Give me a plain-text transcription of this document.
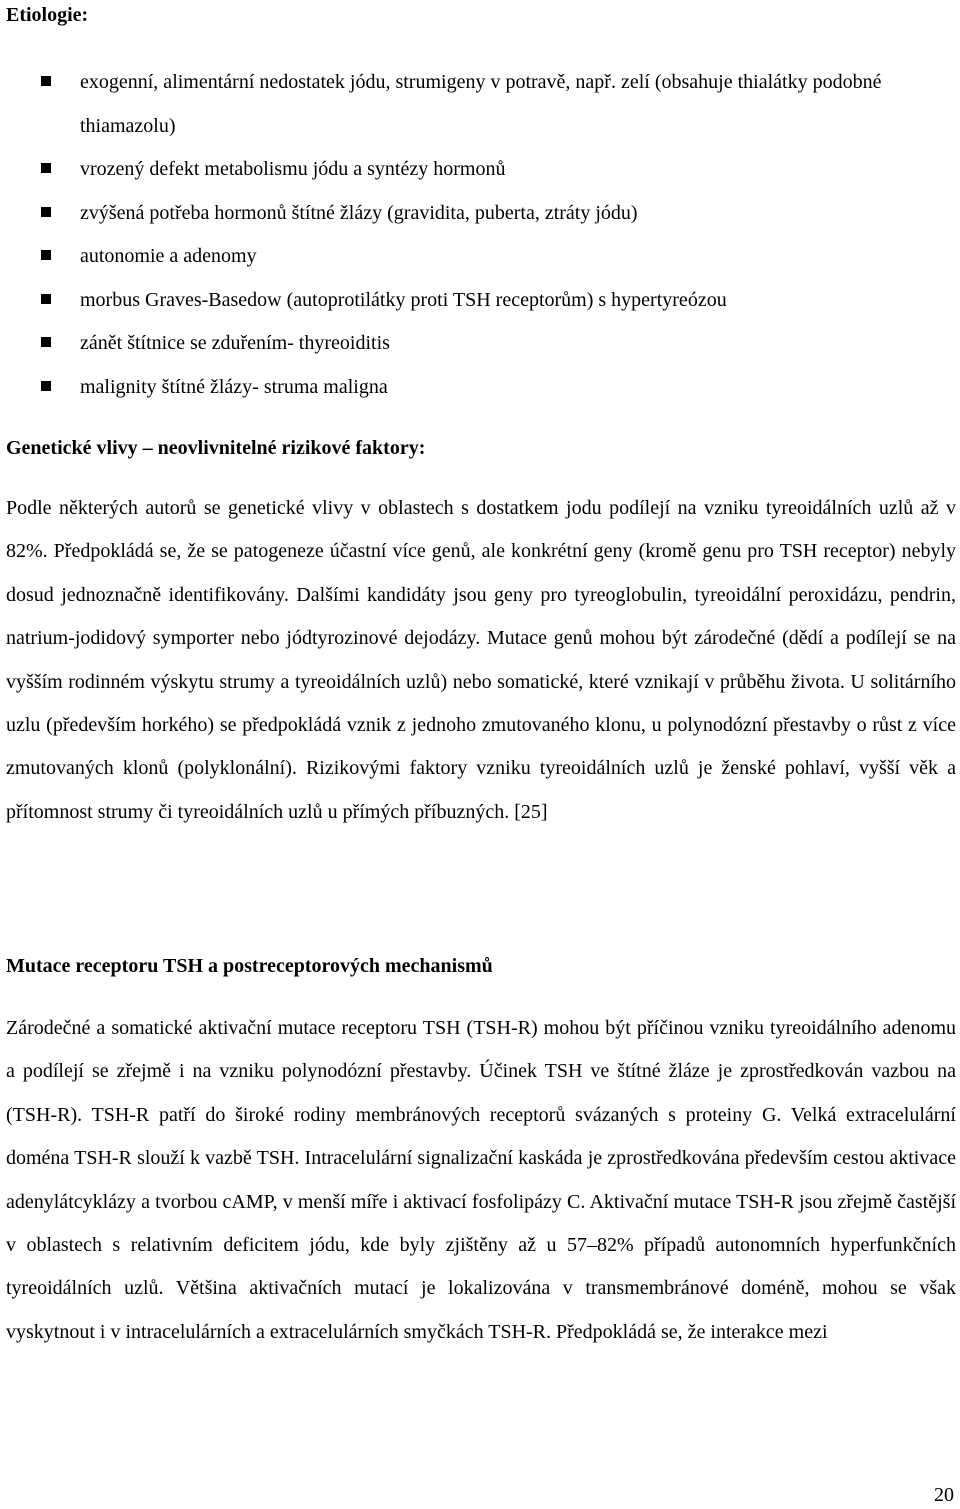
Etiologie:
exogenní, alimentární nedostatek jódu, strumigeny v potravě, např. zelí (obsahuje thialátky podobné thiamazolu)
vrozený defekt metabolismu jódu a syntézy hormonů
zvýšená potřeba hormonů štítné žlázy (gravidita, puberta, ztráty jódu)
autonomie a adenomy
morbus Graves-Basedow (autoprotilátky proti TSH receptorům) s hypertyreózou
zánět štítnice se zduřením- thyreoiditis
malignity štítné žlázy- struma maligna
Genetické vlivy – neovlivnitelné rizikové faktory:

Podle některých autorů se genetické vlivy v oblastech s dostatkem jodu podílejí na vzniku tyreoidálních uzlů až v 82%. Předpokládá se, že se patogeneze účastní více genů, ale konkrétní geny (kromě genu pro TSH receptor) nebyly dosud jednoznačně identifikovány. Dalšími kandidáty jsou geny pro tyreoglobulin, tyreoidální peroxidázu, pendrin, natrium-jodidový symporter nebo jódtyrozinové dejodázy. Mutace genů mohou být zárodečné (dědí a podílejí se na vyšším rodinném výskytu strumy a tyreoidálních uzlů) nebo somatické, které vznikají v průběhu života. U solitárního uzlu (především horkého) se předpokládá vznik z jednoho zmutovaného klonu, u polynodózní přestavby o růst z více zmutovaných klonů (polyklonální). Rizikovými faktory vzniku tyreoidálních uzlů je ženské pohlaví, vyšší věk a přítomnost strumy či tyreoidálních uzlů u přímých příbuzných. [25]

Mutace receptoru TSH a postreceptorových mechanismů

Zárodečné a somatické aktivační mutace receptoru TSH (TSH-R) mohou být příčinou vzniku tyreoidálního adenomu a podílejí se zřejmě i na vzniku polynodózní přestavby. Účinek TSH ve štítné žláze je zprostředkován vazbou na (TSH-R). TSH-R patří do široké rodiny membránových receptorů svázaných s proteiny G. Velká extracelulární doména TSH-R slouží k vazbě TSH. Intracelulární signalizační kaskáda je zprostředkována především cestou aktivace adenylátcyklázy a tvorbou cAMP, v menší míře i aktivací fosfolipázy C. Aktivační mutace TSH-R jsou zřejmě častější v oblastech s relativním deficitem jódu, kde byly zjištěny až u 57–82% případů autonomních hyperfunkčních tyreoidálních uzlů. Většina aktivačních mutací je lokalizována v transmembránové doméně, mohou se však vyskytnout i v intracelulárních a extracelulárních smyčkách TSH-R. Předpokládá se, že interakce mezi

20
